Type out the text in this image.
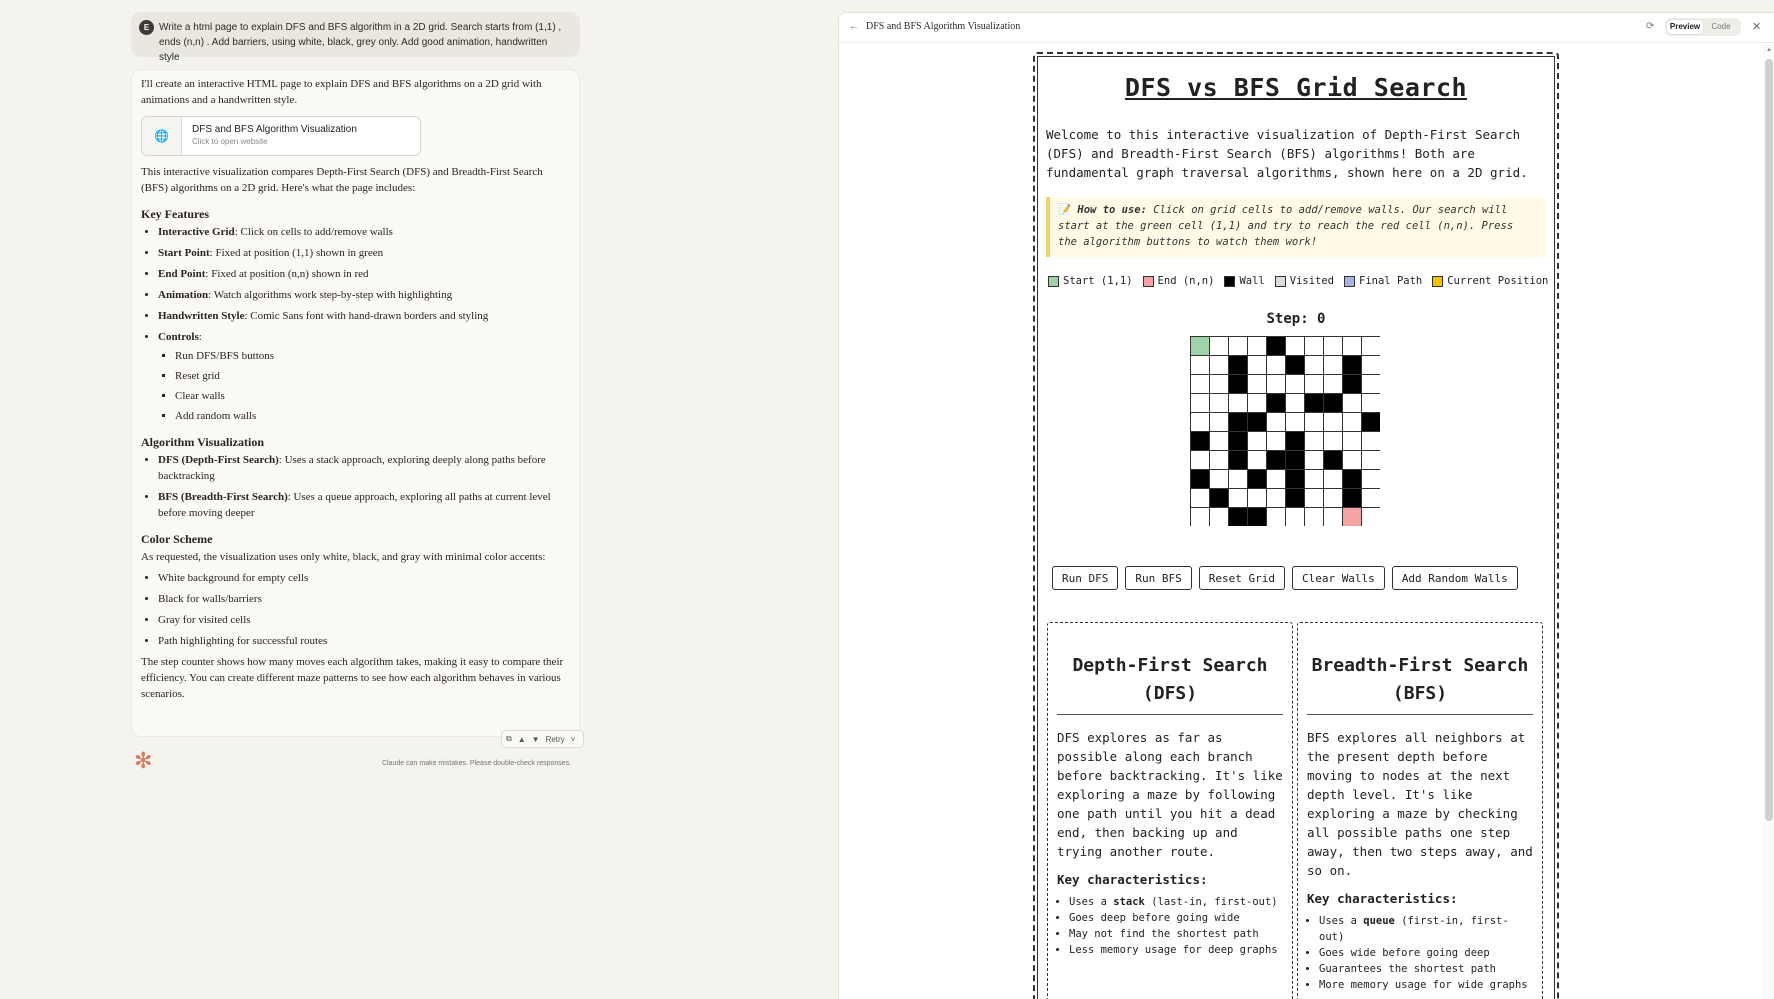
E Write a html page to explain DFS and BFS algorithm in a 2D grid. Search starts from (1,1) , ends (n,n) . Add barriers, using white, black, grey only. Add good animation, handwritten style

I'll create an interactive HTML page to explain DFS and BFS algorithms on a 2D grid with animations and a handwritten style.

🌐	DFS and BFS Algorithm Visualization
Click to open website

This interactive visualization compares Depth-First Search (DFS) and Breadth-First Search (BFS) algorithms on a 2D grid. Here's what the page includes:

Key Features
• Interactive Grid: Click on cells to add/remove walls
• Start Point: Fixed at position (1,1) shown in green
• End Point: Fixed at position (n,n) shown in red
• Animation: Watch algorithms work step-by-step with highlighting
• Handwritten Style: Comic Sans font with hand-drawn borders and styling
• Controls:
▪ Run DFS/BFS buttons
▪ Reset grid
▪ Clear walls
▪ Add random walls
Algorithm Visualization
• DFS (Depth-First Search): Uses a stack approach, exploring deeply along paths before backtracking
• BFS (Breadth-First Search): Uses a queue approach, exploring all paths at current level before moving deeper
Color Scheme

As requested, the visualization uses only white, black, and gray with minimal color accents:

• White background for empty cells
• Black for walls/barriers
• Gray for visited cells
• Path highlighting for successful routes

The step counter shows how many moves each algorithm takes, making it easy to compare their efficiency. You can create different maze patterns to see how each algorithm behaves in various scenarios.

⧉ ▲ ▼ Retry ˅
✻	Claude can make mistakes. Please double-check responses.
← DFS and BFS Algorithm Visualization	⟳	Preview	Code	✕
▲
DFS vs BFS Grid Search

Welcome to this interactive visualization of Depth-First Search (DFS) and Breadth-First Search (BFS) algorithms! Both are fundamental graph traversal algorithms, shown here on a 2D grid.

📝 How to use: Click on grid cells to add/remove walls. Our search will start at the green cell (1,1) and try to reach the red cell (n,n). Press the algorithm buttons to watch them work!
Start (1,1) End (n,n) Wall Visited Final Path Current Position
Step: 0
Run DFS	Run BFS	Reset Grid	Clear Walls	Add Random Walls
Depth-First Search (DFS)

DFS explores as far as possible along each branch before backtracking. It's like exploring a maze by following one path until you hit a dead end, then backing up and trying another route.

Key characteristics:
• Uses a stack (last-in, first-out)
• Goes deep before going wide
• May not find the shortest path
• Less memory usage for deep graphs
Breadth-First Search (BFS)

BFS explores all neighbors at the present depth before moving to nodes at the next depth level. It's like exploring a maze by checking all possible paths one step away, then two steps away, and so on.

Key characteristics:
• Uses a queue (first-in, first-out)
• Goes wide before going deep
• Guarantees the shortest path
• More memory usage for wide graphs
